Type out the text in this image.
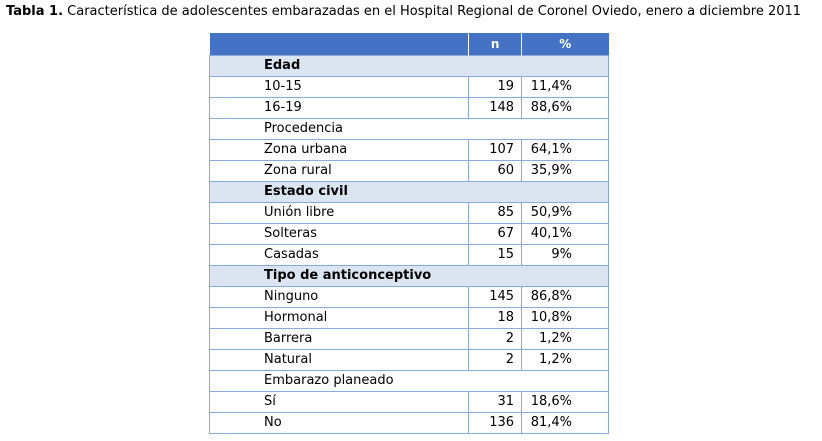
Tabla 1. Característica de adolescentes embarazadas en el Hospital Regional de Coronel Oviedo, enero a diciembre 2011
	n	%
Edad		
10-15	19	11,4%
16-19	148	88,6%
Procedencia		
Zona urbana	107	64,1%
Zona rural	60	35,9%
Estado civil		
Unión libre	85	50,9%
Solteras	67	40,1%
Casadas	15	9%
Tipo de anticonceptivo		
Ninguno	145	86,8%
Hormonal	18	10,8%
Barrera	2	1,2%
Natural	2	1,2%
Embarazo planeado		
Sí	31	18,6%
No	136	81,4%
